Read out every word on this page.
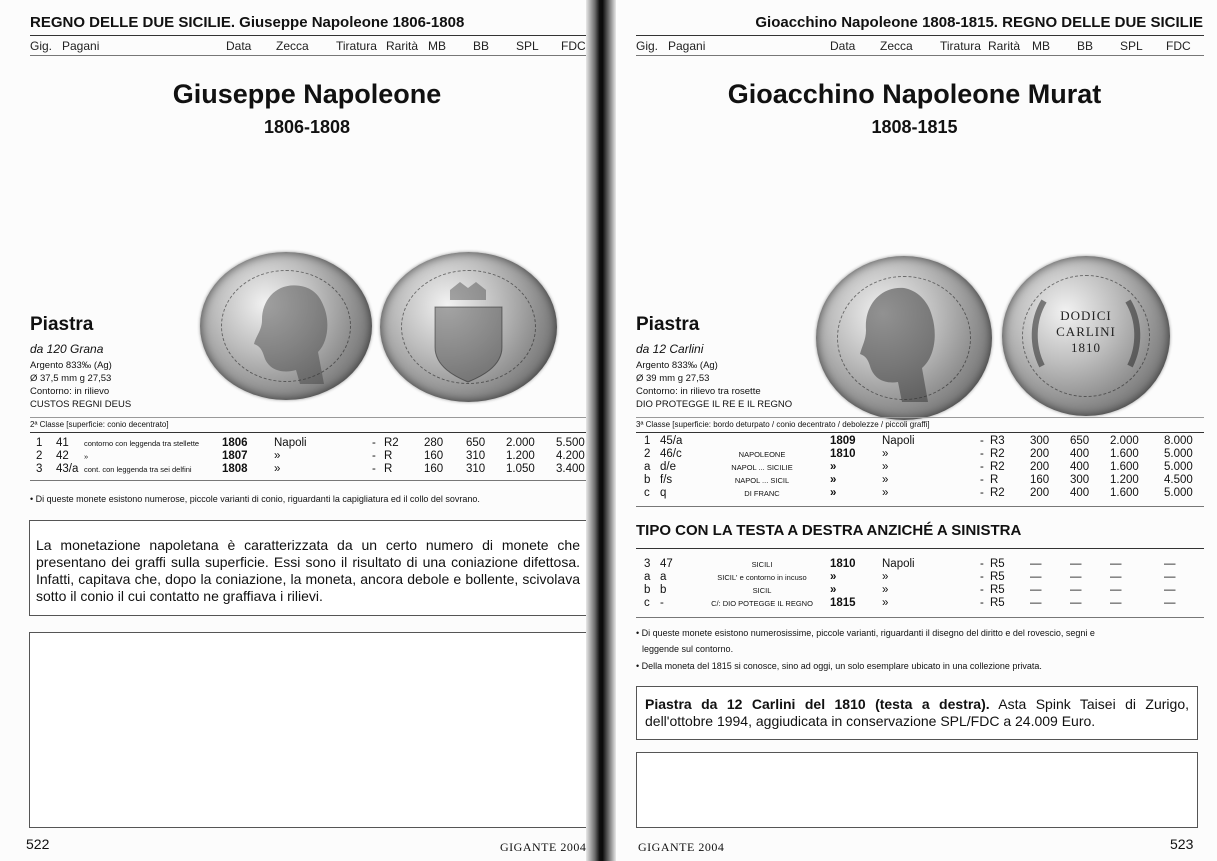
REGNO DELLE DUE SICILIE. Giuseppe Napoleone 1806-1808
Gig. Pagani	Data Zecca Tiratura Rarità MB BB SPL FDC
Giuseppe Napoleone
1806-1808
Piastra
da 120 Grana
Argento 833‰ (Ag)
Ø 37,5 mm g 27,53
Contorno: in rilievo
CUSTOS REGNI DEUS
2ª Classe [superficie: conio decentrato]
1 41 contorno con leggenda tra stellette 1806 Napoli	- R2 280 650 2.000 5.500
2 42 »	1807 »	- R	160 310 1.200 4.200
3 43/a cont. con leggenda tra sei delfini	1808 »	- R	160 310 1.050 3.400
• Di queste monete esistono numerose, piccole varianti di conio, riguardanti la capigliatura ed il collo del sovrano.
La monetazione napoletana è caratterizzata da un certo numero di monete che presentano dei graffi sulla superficie. Essi sono il risultato di una coniazione difettosa. Infatti, capitava che, dopo la coniazione, la moneta, ancora debole e bollente, scivolava sotto il conio il cui contatto ne graffiava i rilievi.
522	GIGANTE 2004
Gioacchino Napoleone 1808-1815. REGNO DELLE DUE SICILIE
Gig. Pagani	Data Zecca Tiratura Rarità MB BB SPL FDC
Gioacchino Napoleone Murat
1808-1815
DODICI CARLINI 1810
Piastra
da 12 Carlini
Argento 833‰ (Ag)
Ø 39 mm g 27,53
Contorno: in rilievo tra rosette
DIO PROTEGGE IL RE E IL REGNO
3ª Classe [superficie: bordo deturpato / conio decentrato / debolezze / piccoli graffi]
1 45/a	1809 Napoli	- R3 300 650 2.000 8.000
2 46/c	NAPOLEONE	1810 »	- R2 200 400 1.600 5.000
a d/e	NAPOL ... SICILIE	»	»	- R2 200 400 1.600 5.000
b f/s	NAPOL ... SICIL	»	»	- R	160 300 1.200 4.500
c q	DI FRANC	»	»	- R2 200 400 1.600 5.000
TIPO CON LA TESTA A DESTRA ANZICHÉ A SINISTRA
3 47	SICILI	1810 Napoli	- R5 — — —	—
a a	SICIL' e contorno in incuso	»	»	- R5 — — —	—
b b	SICIL	»	»	- R5 — — —	—
c -	C/: DIO POTEGGE IL REGNO	1815 »	- R5 — — —	—
• Di queste monete esistono numerosissime, piccole varianti, riguardanti il disegno del diritto e del rovescio, segni e
leggende sul contorno.
• Della moneta del 1815 si conosce, sino ad oggi, un solo esemplare ubicato in una collezione privata.
Piastra da 12 Carlini del 1810 (testa a destra). Asta Spink Taisei di Zurigo, dell'ottobre 1994, aggiudicata in conservazione SPL/FDC a 24.009 Euro.
GIGANTE 2004	523
